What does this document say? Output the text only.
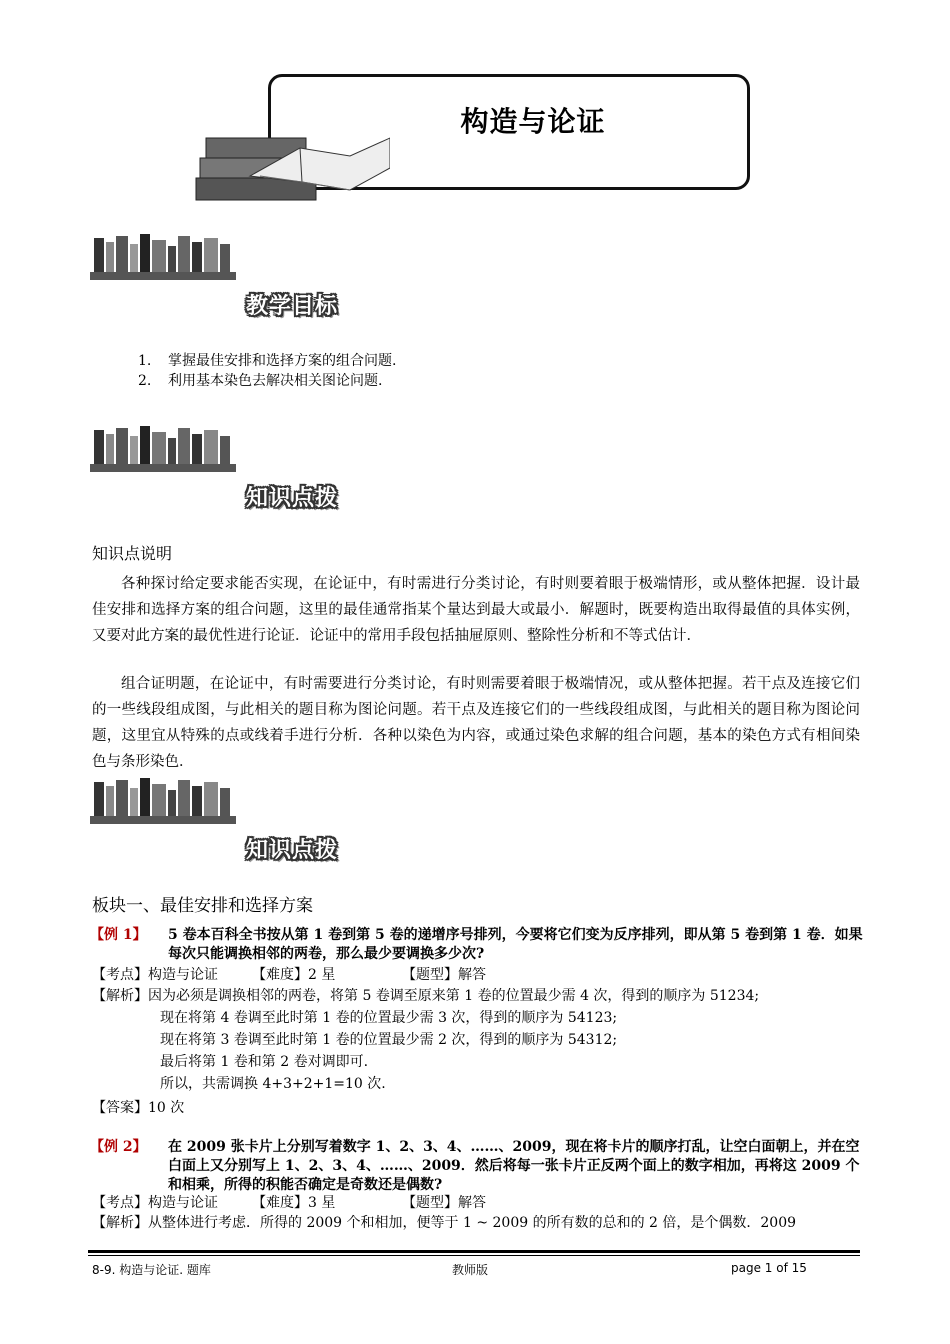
构造与论证
教学目标
1. 掌握最佳安排和选择方案的组合问题.
2. 利用基本染色去解决相关图论问题.
知识点拨
知识点说明
各种探讨给定要求能否实现，在论证中，有时需进行分类讨论，有时则要着眼于极端情形，或从整体把握．设计最佳安排和选择方案的组合问题，这里的最佳通常指某个量达到最大或最小．解题时，既要构造出取得最值的具体实例，又要对此方案的最优性进行论证．论证中的常用手段包括抽屉原则、整除性分析和不等式估计．
组合证明题，在论证中，有时需要进行分类讨论，有时则需要着眼于极端情况，或从整体把握。若干点及连接它们的一些线段组成图，与此相关的题目称为图论问题。若干点及连接它们的一些线段组成图，与此相关的题目称为图论问题，这里宜从特殊的点或线着手进行分析．各种以染色为内容，或通过染色求解的组合问题，基本的染色方式有相间染色与条形染色．
知识点拨
板块一、最佳安排和选择方案
【例 1】 5 卷本百科全书按从第 1 卷到第 5 卷的递增序号排列，今要将它们变为反序排列，即从第 5 卷到第 1 卷．如果每次只能调换相邻的两卷，那么最少要调换多少次?
【考点】构造与论证 【难度】2 星	【题型】解答
【解析】因为必须是调换相邻的两卷，将第 5 卷调至原来第 1 卷的位置最少需 4 次，得到的顺序为 51234;
现在将第 4 卷调至此时第 1 卷的位置最少需 3 次，得到的顺序为 54123;
现在将第 3 卷调至此时第 1 卷的位置最少需 2 次，得到的顺序为 54312;
最后将第 1 卷和第 2 卷对调即可.
所以，共需调换 4+3+2+1=10 次.
【答案】10 次
【例 2】 在 2009 张卡片上分别写着数字 1、2、3、4、……、2009，现在将卡片的顺序打乱，让空白面朝上，并在空白面上又分别写上 1、2、3、4、……、2009．然后将每一张卡片正反两个面上的数字相加，再将这 2009 个和相乘，所得的积能否确定是奇数还是偶数?
【考点】构造与论证 【难度】3 星	【题型】解答
【解析】从整体进行考虑．所得的 2009 个和相加，便等于 1 ~ 2009 的所有数的总和的 2 倍，是个偶数．2009
8-9. 构造与论证. 题库	教师版	page 1 of 15
